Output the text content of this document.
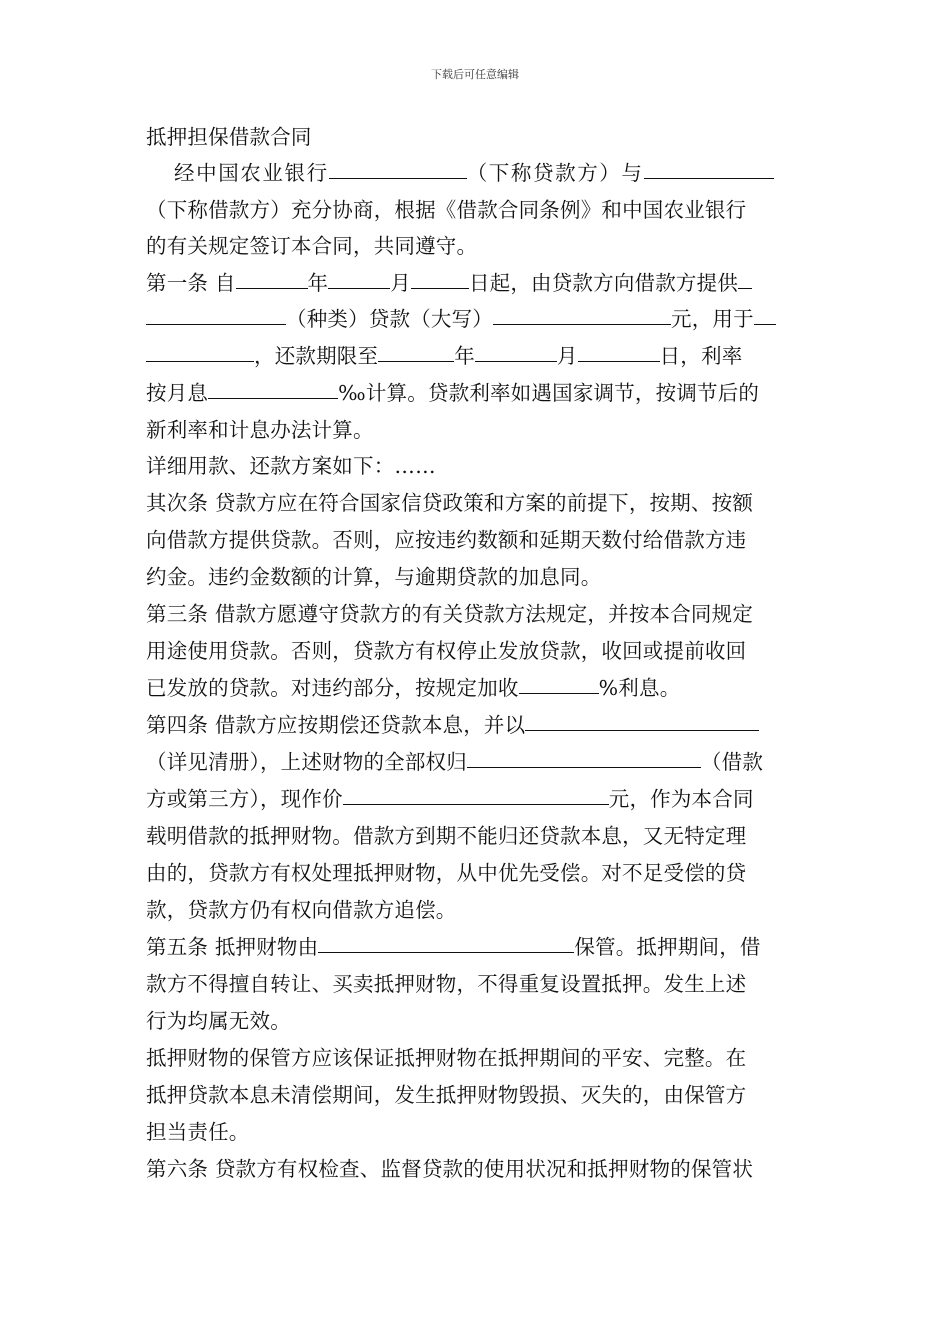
下载后可任意编辑
抵押担保借款合同
经中国农业银行	（下称贷款方）与
（下称借款方）充分协商，根据《借款合同条例》和中国农业银行
的有关规定签订本合同，共同遵守。
第一条 自	年	月	日起，由贷款方向借款方提供
（种类）贷款（大写）	元，用于
，还款期限至	年	月	日，利率
按月息	‰计算。贷款利率如遇国家调节，按调节后的
新利率和计息办法计算。
详细用款、还款方案如下：……
其次条 贷款方应在符合国家信贷政策和方案的前提下，按期、按额
向借款方提供贷款。否则，应按违约数额和延期天数付给借款方违
约金。违约金数额的计算，与逾期贷款的加息同。
第三条 借款方愿遵守贷款方的有关贷款方法规定，并按本合同规定
用途使用贷款。否则，贷款方有权停止发放贷款，收回或提前收回
已发放的贷款。对违约部分，按规定加收	%利息。
第四条 借款方应按期偿还贷款本息，并以
（详见清册），上述财物的全部权归	（借款
方或第三方），现作价	元，作为本合同
载明借款的抵押财物。借款方到期不能归还贷款本息，又无特定理
由的，贷款方有权处理抵押财物，从中优先受偿。对不足受偿的贷
款，贷款方仍有权向借款方追偿。
第五条 抵押财物由	保管。抵押期间，借
款方不得擅自转让、买卖抵押财物，不得重复设置抵押。发生上述
行为均属无效。
抵押财物的保管方应该保证抵押财物在抵押期间的平安、完整。在
抵押贷款本息未清偿期间，发生抵押财物毁损、灭失的，由保管方
担当责任。
第六条 贷款方有权检查、监督贷款的使用状况和抵押财物的保管状
